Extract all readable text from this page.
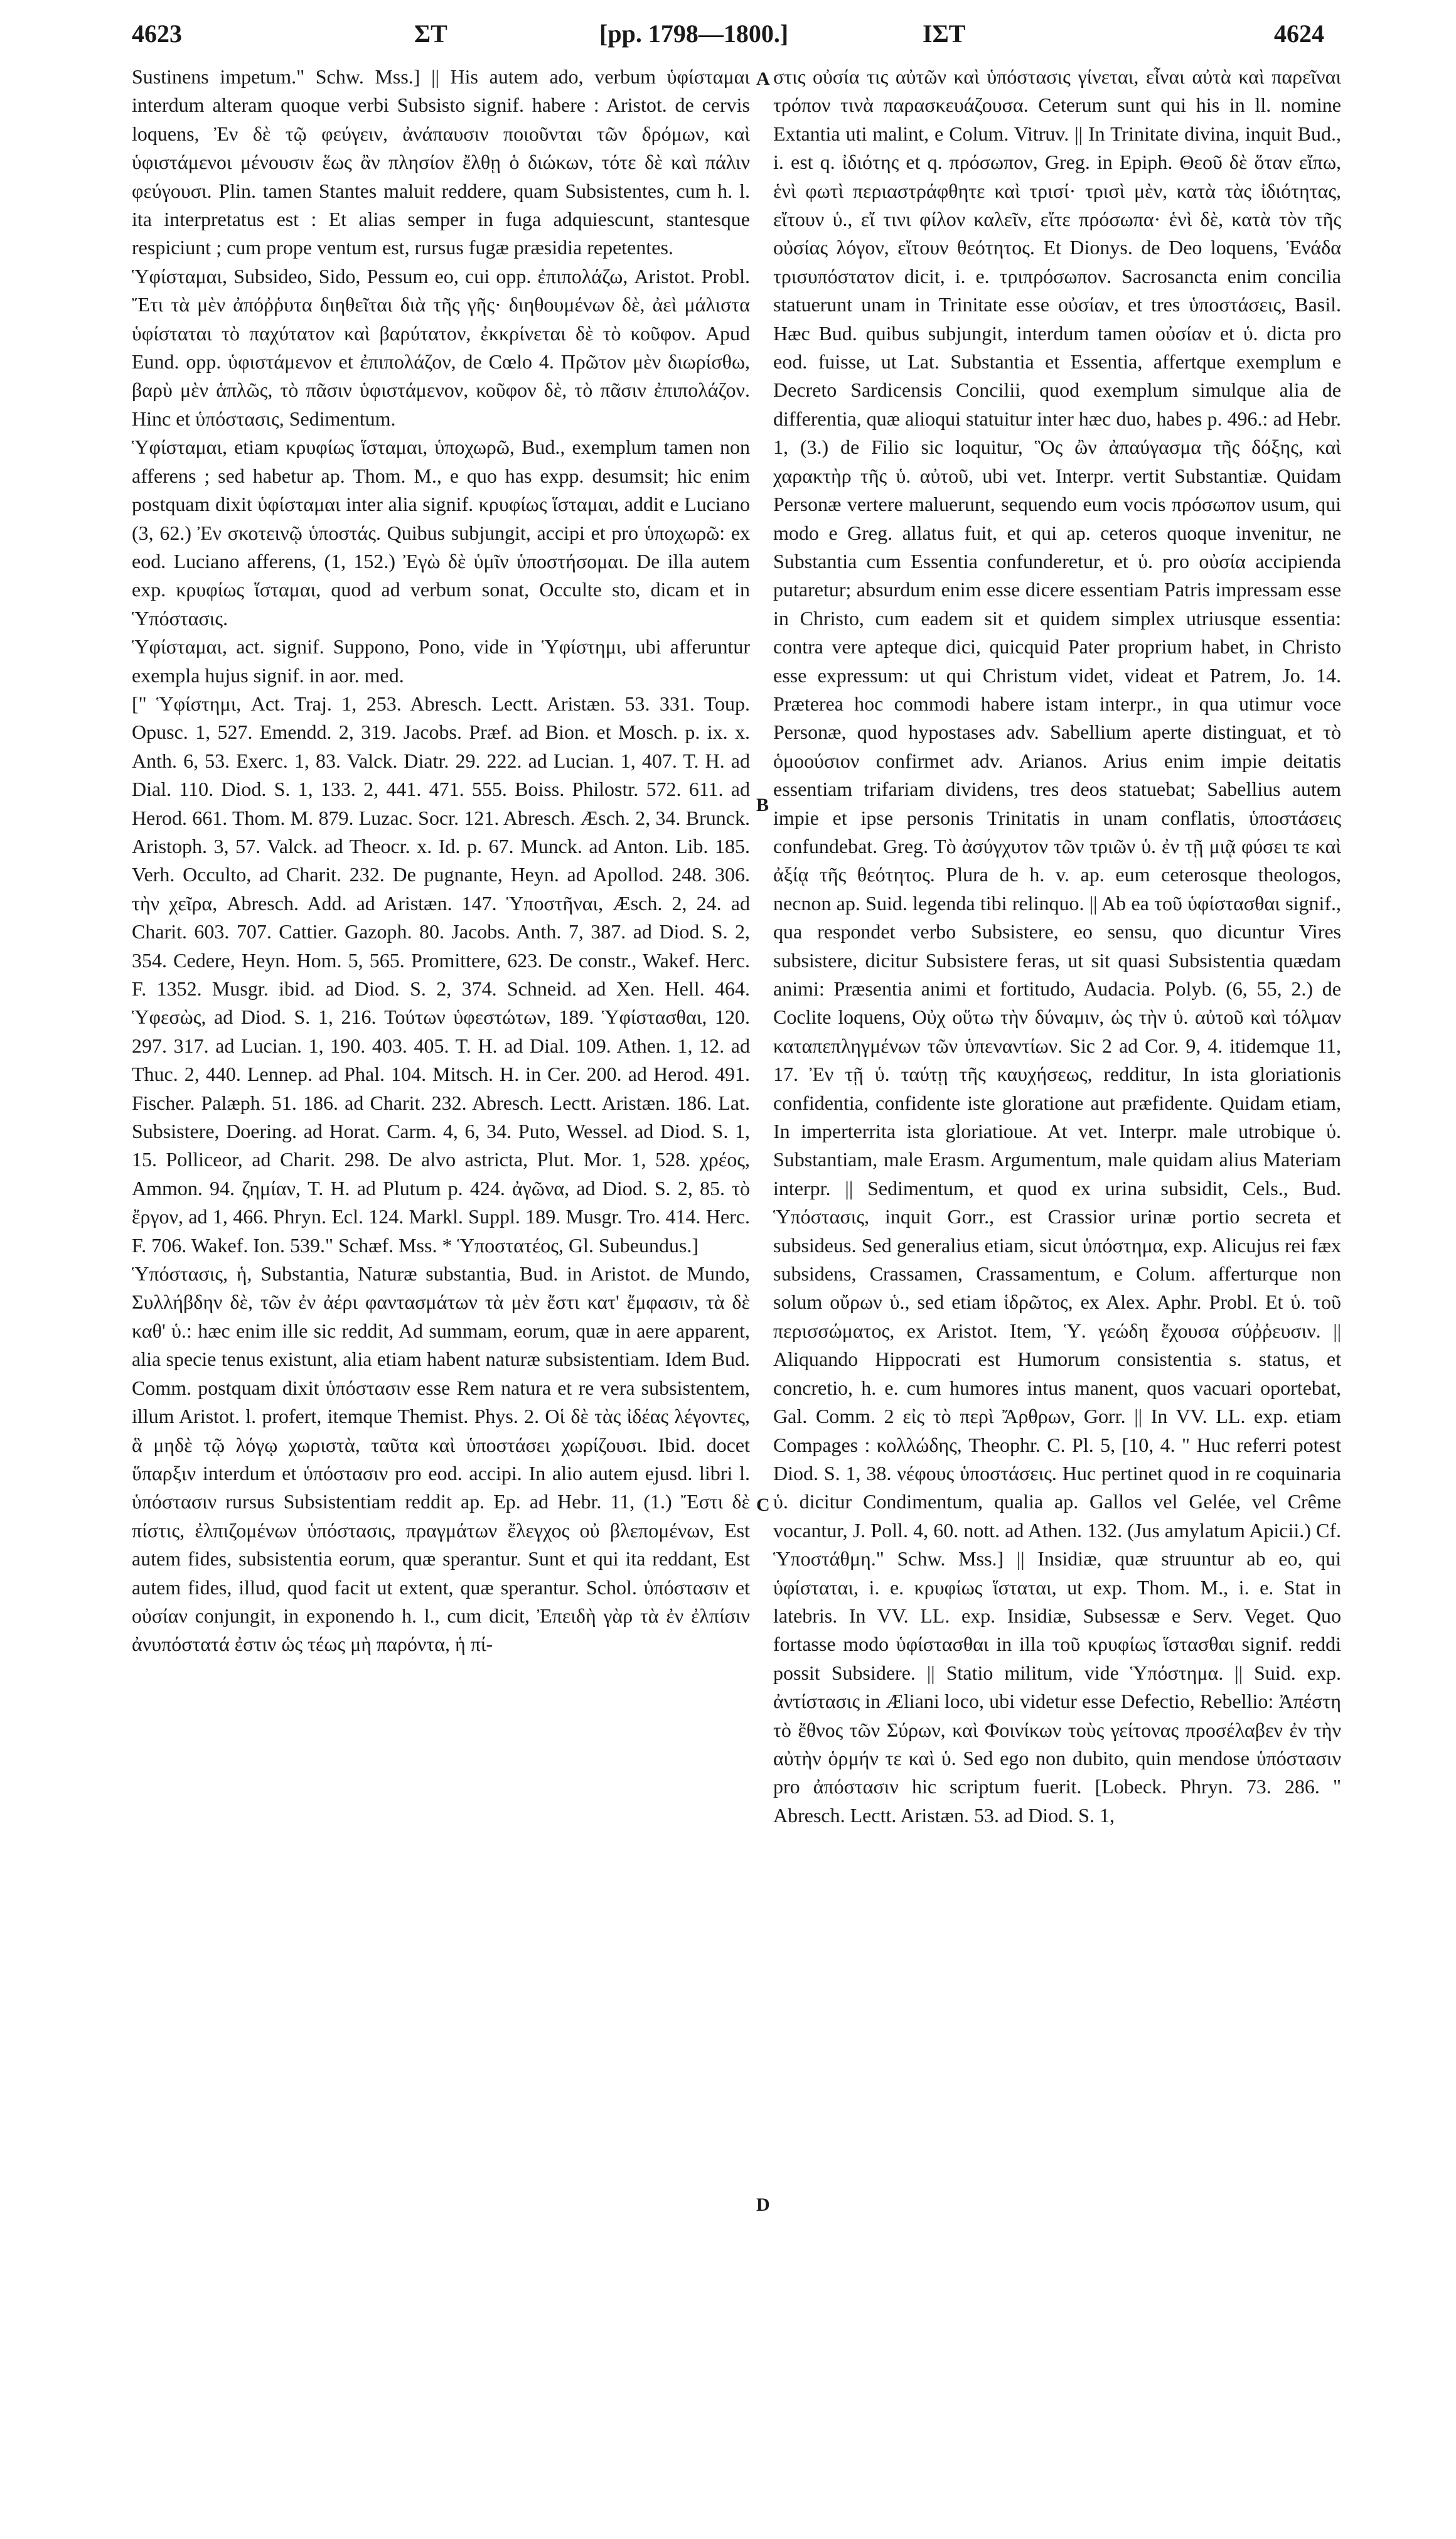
4623	ΣΤ	[pp. 1798—1800.]	ΙΣΤ	4624

Sustinens impetum." Schw. Mss.] || His autem ado, verbum ὑφίσταμαι interdum alteram quoque verbi Subsisto signif. habere : Aristot. de cervis loquens, Ἐν δὲ τῷ φεύγειν, ἀνάπαυσιν ποιοῦνται τῶν δρόμων, καὶ ὑφιστάμενοι μένουσιν ἕως ἂν πλησίον ἔλθῃ ὁ διώκων, τότε δὲ καὶ πάλιν φεύγουσι. Plin. tamen Stantes maluit reddere, quam Subsistentes, cum h. l. ita interpretatus est : Et alias semper in fuga adquiescunt, stantesque respiciunt ; cum prope ventum est, rursus fugæ præsidia repetentes.

Ὑφίσταμαι, Subsideo, Sido, Pessum eo, cui opp. ἐπιπολάζω, Aristot. Probl. Ἔτι τὰ μὲν ἀπόῤῥυτα διηθεῖται διὰ τῆς γῆς· διηθουμένων δὲ, ἀεὶ μάλιστα ὑφίσταται τὸ παχύτατον καὶ βαρύτατον, ἐκκρίνεται δὲ τὸ κοῦφον. Apud Eund. opp. ὑφιστάμενον et ἐπιπολάζον, de Cœlo 4. Πρῶτον μὲν διωρίσθω, βαρὺ μὲν ἁπλῶς, τὸ πᾶσιν ὑφιστάμενον, κοῦφον δὲ, τὸ πᾶσιν ἐπιπολάζον. Hinc et ὑπόστασις, Sedimentum.

Ὑφίσταμαι, etiam κρυφίως ἵσταμαι, ὑποχωρῶ, Bud., exemplum tamen non afferens ; sed habetur ap. Thom. M., e quo has expp. desumsit; hic enim postquam dixit ὑφίσταμαι inter alia signif. κρυφίως ἵσταμαι, addit e Luciano (3, 62.) Ἐν σκοτεινῷ ὑποστάς. Quibus subjungit, accipi et pro ὑποχωρῶ: ex eod. Luciano afferens, (1, 152.) Ἐγὼ δὲ ὑμῖν ὑποστήσομαι. De illa autem exp. κρυφίως ἵσταμαι, quod ad verbum sonat, Occulte sto, dicam et in Ὑπόστασις.

Ὑφίσταμαι, act. signif. Suppono, Pono, vide in Ὑφίστημι, ubi afferuntur exempla hujus signif. in aor. med.

[" Ὑφίστημι, Act. Traj. 1, 253. Abresch. Lectt. Aristæn. 53. 331. Toup. Opusc. 1, 527. Emendd. 2, 319. Jacobs. Præf. ad Bion. et Mosch. p. ix. x. Anth. 6, 53. Exerc. 1, 83. Valck. Diatr. 29. 222. ad Lucian. 1, 407. T. H. ad Dial. 110. Diod. S. 1, 133. 2, 441. 471. 555. Boiss. Philostr. 572. 611. ad Herod. 661. Thom. M. 879. Luzac. Socr. 121. Abresch. Æsch. 2, 34. Brunck. Aristoph. 3, 57. Valck. ad Theocr. x. Id. p. 67. Munck. ad Anton. Lib. 185. Verh. Occulto, ad Charit. 232. De pugnante, Heyn. ad Apollod. 248. 306. τὴν χεῖρα, Abresch. Add. ad Aristæn. 147. Ὑποστῆναι, Æsch. 2, 24. ad Charit. 603. 707. Cattier. Gazoph. 80. Jacobs. Anth. 7, 387. ad Diod. S. 2, 354. Cedere, Heyn. Hom. 5, 565. Promittere, 623. De constr., Wakef. Herc. F. 1352. Musgr. ibid. ad Diod. S. 2, 374. Schneid. ad Xen. Hell. 464. Ὑφεσὼς, ad Diod. S. 1, 216. Τούτων ὑφεστώτων, 189. Ὑφίστασθαι, 120. 297. 317. ad Lucian. 1, 190. 403. 405. T. H. ad Dial. 109. Athen. 1, 12. ad Thuc. 2, 440. Lennep. ad Phal. 104. Mitsch. H. in Cer. 200. ad Herod. 491. Fischer. Palæph. 51. 186. ad Charit. 232. Abresch. Lectt. Aristæn. 186. Lat. Subsistere, Doering. ad Horat. Carm. 4, 6, 34. Puto, Wessel. ad Diod. S. 1, 15. Polliceor, ad Charit. 298. De alvo astricta, Plut. Mor. 1, 528. χρέος, Ammon. 94. ζημίαν, T. H. ad Plutum p. 424. ἀγῶνα, ad Diod. S. 2, 85. τὸ ἔργον, ad 1, 466. Phryn. Ecl. 124. Markl. Suppl. 189. Musgr. Tro. 414. Herc. F. 706. Wakef. Ion. 539." Schæf. Mss. * Ὑποστατέος, Gl. Subeundus.]

Ὑπόστασις, ἡ, Substantia, Naturæ substantia, Bud. in Aristot. de Mundo, Συλλήβδην δὲ, τῶν ἐν ἀέρι φαντασμάτων τὰ μὲν ἔστι κατ' ἔμφασιν, τὰ δὲ καθ' ὑ.: hæc enim ille sic reddit, Ad summam, eorum, quæ in aere apparent, alia specie tenus existunt, alia etiam habent naturæ subsistentiam. Idem Bud. Comm. postquam dixit ὑπόστασιν esse Rem natura et re vera subsistentem, illum Aristot. l. profert, itemque Themist. Phys. 2. Οἱ δὲ τὰς ἰδέας λέγοντες, ἃ μηδὲ τῷ λόγῳ χωριστὰ, ταῦτα καὶ ὑποστάσει χωρίζουσι. Ibid. docet ὕπαρξιν interdum et ὑπόστασιν pro eod. accipi. In alio autem ejusd. libri l. ὑπόστασιν rursus Subsistentiam reddit ap. Ep. ad Hebr. 11, (1.) Ἔστι δὲ πίστις, ἐλπιζομένων ὑπόστασις, πραγμάτων ἔλεγχος οὐ βλεπομένων, Est autem fides, subsistentia eorum, quæ sperantur. Sunt et qui ita reddant, Est autem fides, illud, quod facit ut extent, quæ sperantur. Schol. ὑπόστασιν et οὐσίαν conjungit, in exponendo h. l., cum dicit, Ἐπειδὴ γὰρ τὰ ἐν ἐλπίσιν ἀνυπόστατά ἐστιν ὡς τέως μὴ παρόντα, ἡ πί-

A
B
C
D

στις οὐσία τις αὐτῶν καὶ ὑπόστασις γίνεται, εἶναι αὐτὰ καὶ παρεῖναι τρόπον τινὰ παρασκευάζουσα. Ceterum sunt qui his in ll. nomine Extantia uti malint, e Colum. Vitruv. || In Trinitate divina, inquit Bud., i. est q. ἰδιότης et q. πρόσωπον, Greg. in Epiph. Θεοῦ δὲ ὅταν εἴπω, ἑνὶ φωτὶ περιαστράφθητε καὶ τρισί· τρισὶ μὲν, κατὰ τὰς ἰδιότητας, εἴτουν ὑ., εἴ τινι φίλον καλεῖν, εἴτε πρόσωπα· ἑνὶ δὲ, κατὰ τὸν τῆς οὐσίας λόγον, εἴτουν θεότητος. Et Dionys. de Deo loquens, Ἑνάδα τρισυπόστατον dicit, i. e. τριπρόσωπον. Sacrosancta enim concilia statuerunt unam in Trinitate esse οὐσίαν, et tres ὑποστάσεις, Basil. Hæc Bud. quibus subjungit, interdum tamen οὐσίαν et ὑ. dicta pro eod. fuisse, ut Lat. Substantia et Essentia, affertque exemplum e Decreto Sardicensis Concilii, quod exemplum simulque alia de differentia, quæ alioqui statuitur inter hæc duo, habes p. 496.: ad Hebr. 1, (3.) de Filio sic loquitur, Ὃς ὢν ἀπαύγασμα τῆς δόξης, καὶ χαρακτὴρ τῆς ὑ. αὐτοῦ, ubi vet. Interpr. vertit Substantiæ. Quidam Personæ vertere maluerunt, sequendo eum vocis πρόσωπον usum, qui modo e Greg. allatus fuit, et qui ap. ceteros quoque invenitur, ne Substantia cum Essentia confunderetur, et ὑ. pro οὐσία accipienda putaretur; absurdum enim esse dicere essentiam Patris impressam esse in Christo, cum eadem sit et quidem simplex utriusque essentia: contra vere apteque dici, quicquid Pater proprium habet, in Christo esse expressum: ut qui Christum videt, videat et Patrem, Jo. 14. Præterea hoc commodi habere istam interpr., in qua utimur voce Personæ, quod hypostases adv. Sabellium aperte distinguat, et τὸ ὁμοούσιον confirmet adv. Arianos. Arius enim impie deitatis essentiam trifariam dividens, tres deos statuebat; Sabellius autem impie et ipse personis Trinitatis in unam conflatis, ὑποστάσεις confundebat. Greg. Τὸ ἀσύγχυτον τῶν τριῶν ὑ. ἐν τῇ μιᾷ φύσει τε καὶ ἀξίᾳ τῆς θεότητος. Plura de h. v. ap. eum ceterosque theologos, necnon ap. Suid. legenda tibi relinquo. || Ab ea τοῦ ὑφίστασθαι signif., qua respondet verbo Subsistere, eo sensu, quo dicuntur Vires subsistere, dicitur Subsistere feras, ut sit quasi Subsistentia quædam animi: Præsentia animi et fortitudo, Audacia. Polyb. (6, 55, 2.) de Coclite loquens, Οὐχ οὕτω τὴν δύναμιν, ὡς τὴν ὑ. αὐτοῦ καὶ τόλμαν καταπεπληγμένων τῶν ὑπεναντίων. Sic 2 ad Cor. 9, 4. itidemque 11, 17. Ἐν τῇ ὑ. ταύτῃ τῆς καυχήσεως, redditur, In ista gloriationis confidentia, confidente iste gloratione aut præfidente. Quidam etiam, In imperterrita ista gloriatioue. At vet. Interpr. male utrobique ὑ. Substantiam, male Erasm. Argumentum, male quidam alius Materiam interpr. || Sedimentum, et quod ex urina subsidit, Cels., Bud. Ὑπόστασις, inquit Gorr., est Crassior urinæ portio secreta et subsideus. Sed generalius etiam, sicut ὑπόστημα, exp. Alicujus rei fæx subsidens, Crassamen, Crassamentum, e Colum. afferturque non solum οὔρων ὑ., sed etiam ἱδρῶτος, ex Alex. Aphr. Probl. Et ὑ. τοῦ περισσώματος, ex Aristot. Item, Ὑ. γεώδη ἔχουσα σύῤῥευσιν. || Aliquando Hippocrati est Humorum consistentia s. status, et concretio, h. e. cum humores intus manent, quos vacuari oportebat, Gal. Comm. 2 εἰς τὸ περὶ Ἄρθρων, Gorr. || In VV. LL. exp. etiam Compages : κολλώδης, Theophr. C. Pl. 5, [10, 4. " Huc referri potest Diod. S. 1, 38. νέφους ὑποστάσεις. Huc pertinet quod in re coquinaria ὑ. dicitur Condimentum, qualia ap. Gallos vel Gelée, vel Crême vocantur, J. Poll. 4, 60. nott. ad Athen. 132. (Jus amylatum Apicii.) Cf. Ὑποστάθμη." Schw. Mss.] || Insidiæ, quæ struuntur ab eo, qui ὑφίσταται, i. e. κρυφίως ἵσταται, ut exp. Thom. M., i. e. Stat in latebris. In VV. LL. exp. Insidiæ, Subsessæ e Serv. Veget. Quo fortasse modo ὑφίστασθαι in illa τοῦ κρυφίως ἵστασθαι signif. reddi possit Subsidere. || Statio militum, vide Ὑπόστημα. || Suid. exp. ἀντίστασις in Æliani loco, ubi videtur esse Defectio, Rebellio: Ἀπέστη τὸ ἔθνος τῶν Σύρων, καὶ Φοινίκων τοὺς γείτονας προσέλαβεν ἐν τὴν αὐτὴν ὁρμήν τε καὶ ὑ. Sed ego non dubito, quin mendose ὑπόστασιν pro ἀπόστασιν hic scriptum fuerit. [Lobeck. Phryn. 73. 286. " Abresch. Lectt. Aristæn. 53. ad Diod. S. 1,
